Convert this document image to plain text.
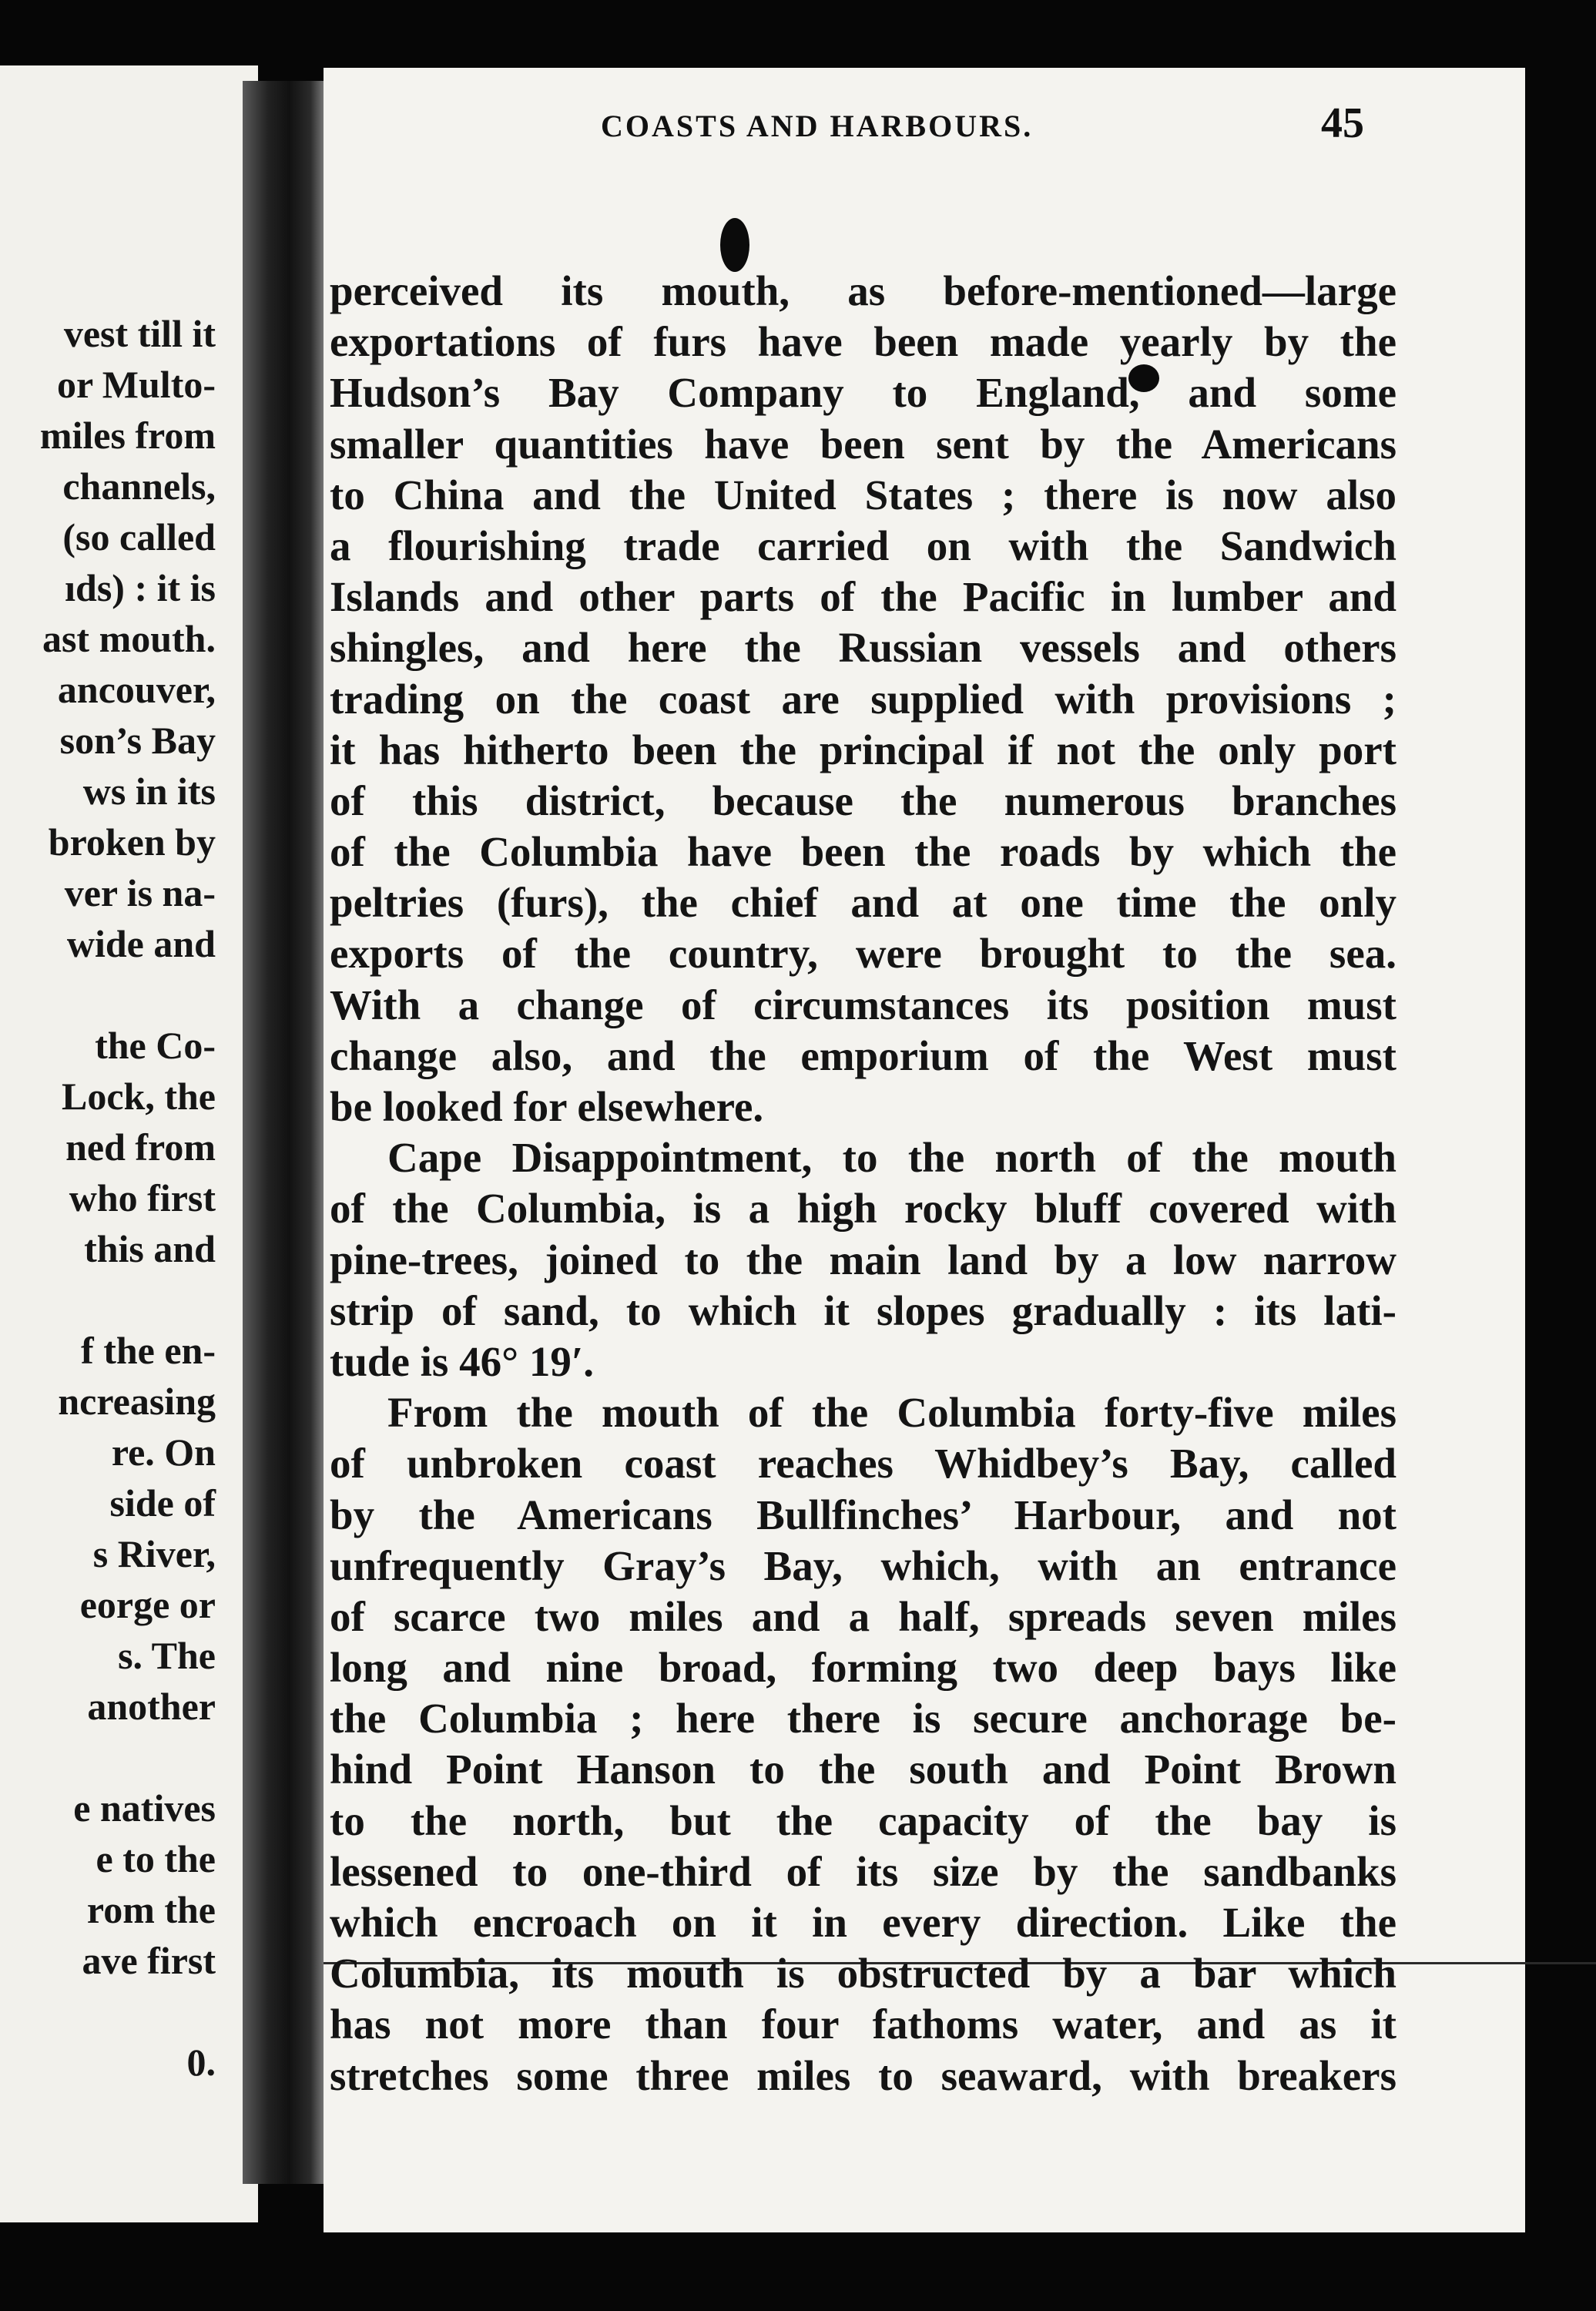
vest till it
or Multo-
miles from
channels,
(so called
ıds) : it is
ast mouth.
ancouver,
son’s Bay
ws in its
broken by
ver is na-
wide and
the Co-
Lock, the
ned from
who first
this and
f the en-
ncreasing
re. On
side of
s River,
eorge or
s. The
another
e natives
e to the
rom the
ave first
0.
COASTS AND HARBOURS.	45
perceived its mouth, as before-mentioned—large
exportations of furs have been made yearly by the
Hudson’s Bay Company to England, and some
smaller quantities have been sent by the Americans
to China and the United States ; there is now also
a flourishing trade carried on with the Sandwich
Islands and other parts of the Pacific in lumber and
shingles, and here the Russian vessels and others
trading on the coast are supplied with provisions ;
it has hitherto been the principal if not the only port
of this district, because the numerous branches
of the Columbia have been the roads by which the
peltries (furs), the chief and at one time the only
exports of the country, were brought to the sea.
With a change of circumstances its position must
change also, and the emporium of the West must
be looked for elsewhere.
Cape Disappointment, to the north of the mouth
of the Columbia, is a high rocky bluff covered with
pine-trees, joined to the main land by a low narrow
strip of sand, to which it slopes gradually : its lati-
tude is 46° 19′.
From the mouth of the Columbia forty-five miles
of unbroken coast reaches Whidbey’s Bay, called
by the Americans Bullfinches’ Harbour, and not
unfrequently Gray’s Bay, which, with an entrance
of scarce two miles and a half, spreads seven miles
long and nine broad, forming two deep bays like
the Columbia ; here there is secure anchorage be-
hind Point Hanson to the south and Point Brown
to the north, but the capacity of the bay is
lessened to one-third of its size by the sandbanks
which encroach on it in every direction. Like the
Columbia, its mouth is obstructed by a bar which
has not more than four fathoms water, and as it
stretches some three miles to seaward, with breakers
